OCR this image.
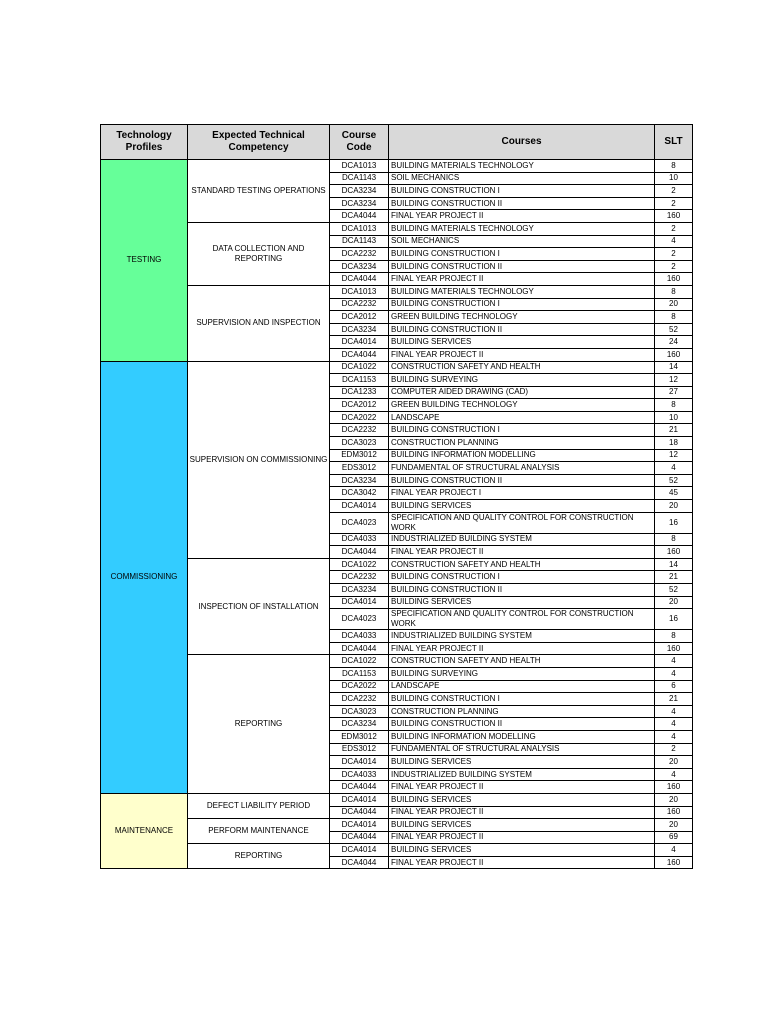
Technology Profiles	Expected Technical Competency	Course Code	Courses	SLT
TESTING	STANDARD TESTING OPERATIONS	DCA1013	BUILDING MATERIALS TECHNOLOGY	8
		DCA1143	SOIL MECHANICS	10
		DCA3234	BUILDING CONSTRUCTION I	2
		DCA3234	BUILDING CONSTRUCTION II	2
		DCA4044	FINAL YEAR PROJECT II	160
	DATA COLLECTION AND REPORTING	DCA1013	BUILDING MATERIALS TECHNOLOGY	2
		DCA1143	SOIL MECHANICS	4
		DCA2232	BUILDING CONSTRUCTION I	2
		DCA3234	BUILDING CONSTRUCTION II	2
		DCA4044	FINAL YEAR PROJECT II	160
	SUPERVISION AND INSPECTION	DCA1013	BUILDING MATERIALS TECHNOLOGY	8
		DCA2232	BUILDING CONSTRUCTION I	20
		DCA2012	GREEN BUILDING TECHNOLOGY	8
		DCA3234	BUILDING CONSTRUCTION II	52
		DCA4014	BUILDING SERVICES	24
		DCA4044	FINAL YEAR PROJECT II	160
COMMISSIONING	SUPERVISION ON COMMISSIONING	DCA1022	CONSTRUCTION SAFETY AND HEALTH	14
		DCA1153	BUILDING SURVEYING	12
		DCA1233	COMPUTER AIDED DRAWING (CAD)	27
		DCA2012	GREEN BUILDING TECHNOLOGY	8
		DCA2022	LANDSCAPE	10
		DCA2232	BUILDING CONSTRUCTION I	21
		DCA3023	CONSTRUCTION PLANNING	18
		EDM3012	BUILDING INFORMATION MODELLING	12
		EDS3012	FUNDAMENTAL OF STRUCTURAL ANALYSIS	4
		DCA3234	BUILDING CONSTRUCTION II	52
		DCA3042	FINAL YEAR PROJECT I	45
		DCA4014	BUILDING SERVICES	20
		DCA4023	SPECIFICATION AND QUALITY CONTROL FOR CONSTRUCTION WORK	16
		DCA4033	INDUSTRIALIZED BUILDING SYSTEM	8
		DCA4044	FINAL YEAR PROJECT II	160
	INSPECTION OF INSTALLATION	DCA1022	CONSTRUCTION SAFETY AND HEALTH	14
		DCA2232	BUILDING CONSTRUCTION I	21
		DCA3234	BUILDING CONSTRUCTION II	52
		DCA4014	BUILDING SERVICES	20
		DCA4023	SPECIFICATION AND QUALITY CONTROL FOR CONSTRUCTION WORK	16
		DCA4033	INDUSTRIALIZED BUILDING SYSTEM	8
		DCA4044	FINAL YEAR PROJECT II	160
	REPORTING	DCA1022	CONSTRUCTION SAFETY AND HEALTH	4
		DCA1153	BUILDING SURVEYING	4
		DCA2022	LANDSCAPE	6
		DCA2232	BUILDING CONSTRUCTION I	21
		DCA3023	CONSTRUCTION PLANNING	4
		DCA3234	BUILDING CONSTRUCTION II	4
		EDM3012	BUILDING INFORMATION MODELLING	4
		EDS3012	FUNDAMENTAL OF STRUCTURAL ANALYSIS	2
		DCA4014	BUILDING SERVICES	20
		DCA4033	INDUSTRIALIZED BUILDING SYSTEM	4
		DCA4044	FINAL YEAR PROJECT II	160
MAINTENANCE	DEFECT LIABILITY PERIOD	DCA4014	BUILDING SERVICES	20
		DCA4044	FINAL YEAR PROJECT II	160
	PERFORM MAINTENANCE	DCA4014	BUILDING SERVICES	20
		DCA4044	FINAL YEAR PROJECT II	69
	REPORTING	DCA4014	BUILDING SERVICES	4
		DCA4044	FINAL YEAR PROJECT II	160
